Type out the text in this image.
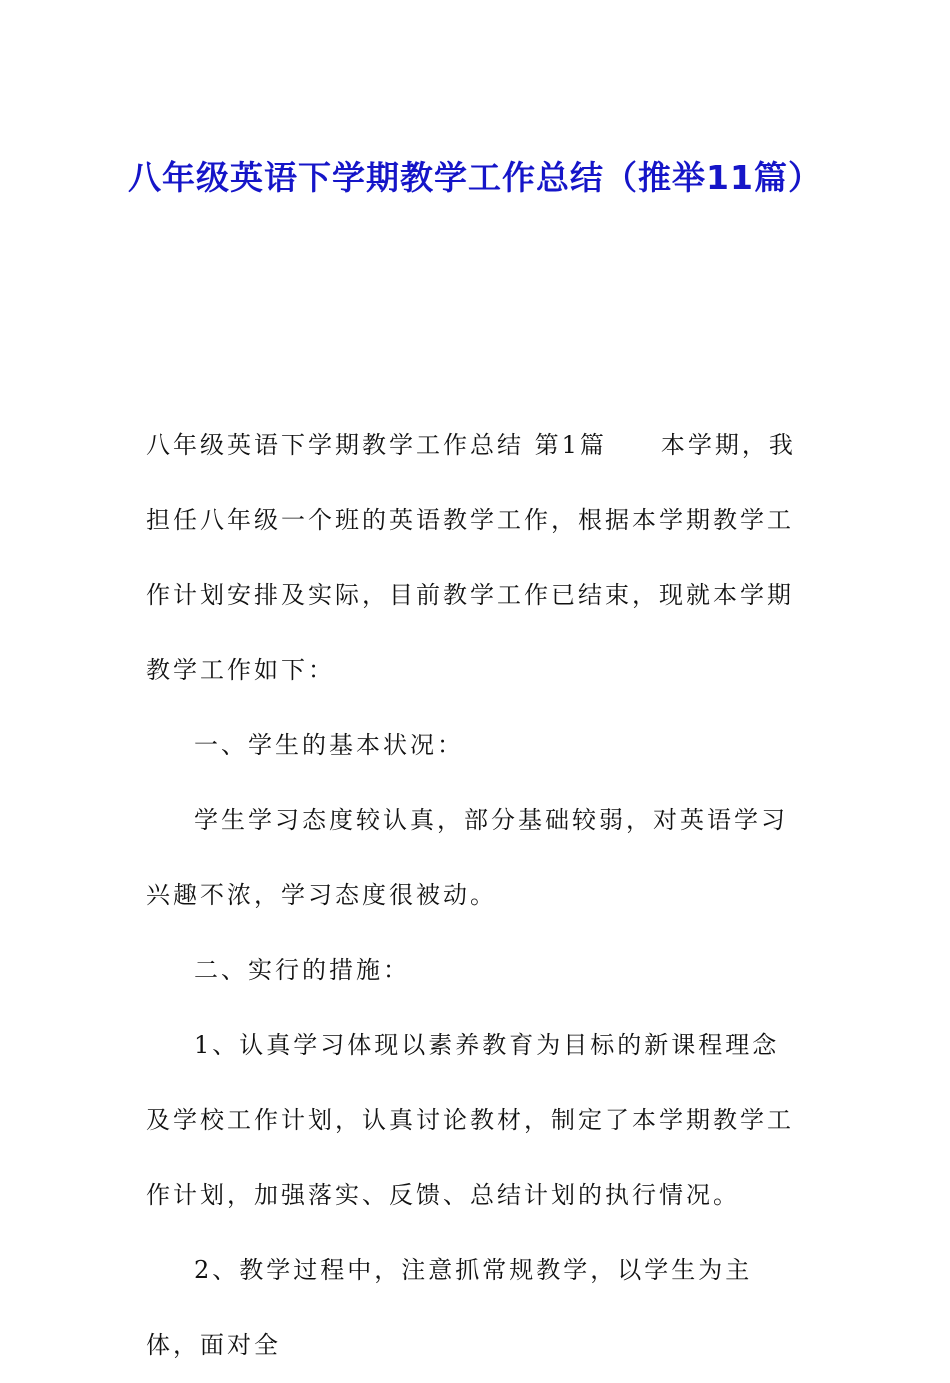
八年级英语下学期教学工作总结（推举11篇）

八年级英语下学期教学工作总结 第1篇　　本学期，我担任八年级一个班的英语教学工作，根据本学期教学工作计划安排及实际，目前教学工作已结束，现就本学期教学工作如下：

一、学生的基本状况：

学生学习态度较认真，部分基础较弱，对英语学习兴趣不浓，学习态度很被动。

二、实行的措施：

1、认真学习体现以素养教育为目标的新课程理念及学校工作计划，认真讨论教材，制定了本学期教学工作计划，加强落实、反馈、总结计划的执行情况。

2、教学过程中，注意抓常规教学，以学生为主体，面对全
